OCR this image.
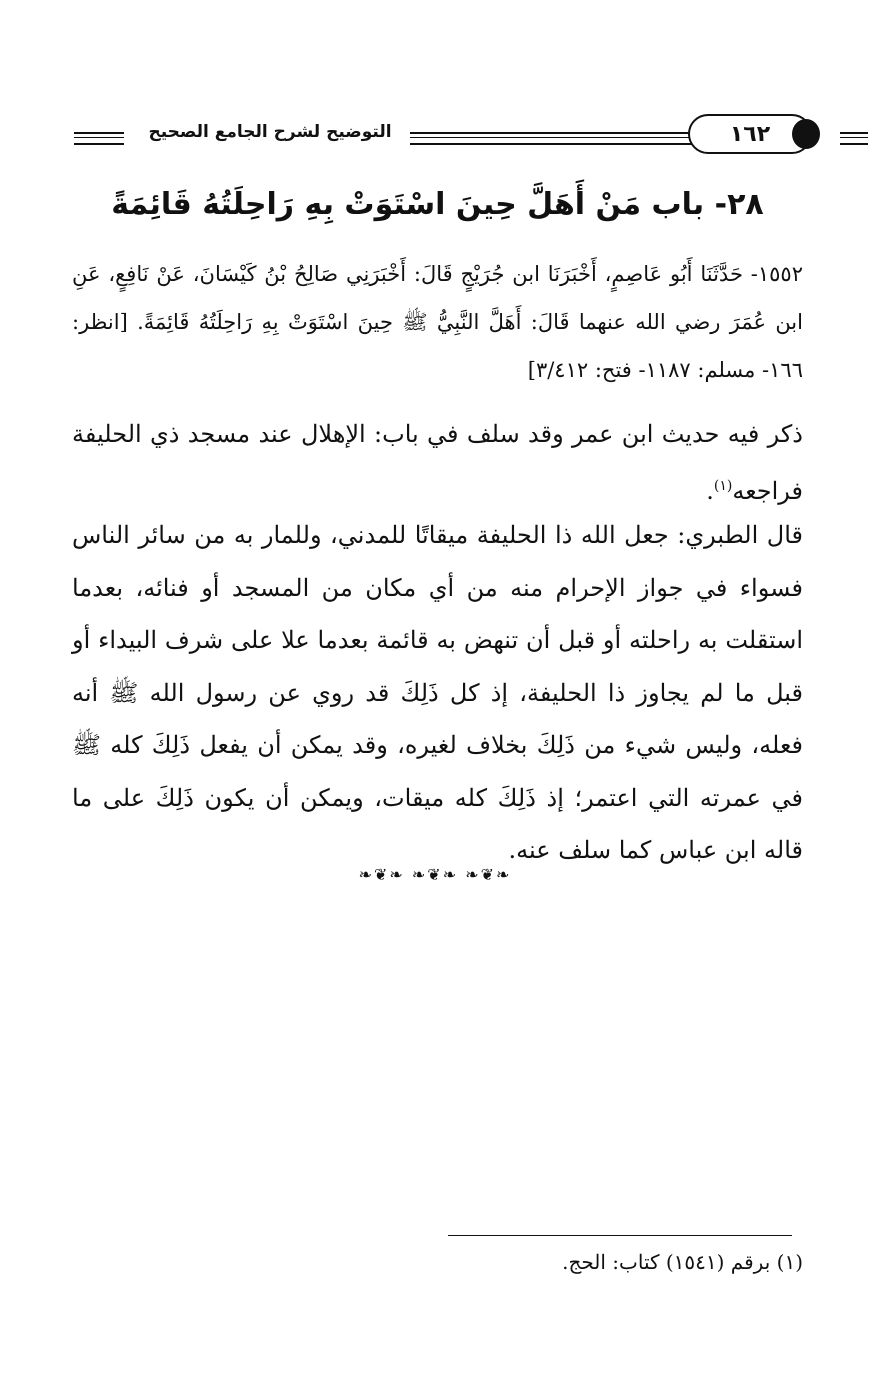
التوضيح لشرح الجامع الصحيح	١٦٢
٢٨- باب مَنْ أَهَلَّ حِينَ اسْتَوَتْ بِهِ رَاحِلَتُهُ قَائِمَةً
١٥٥٢- حَدَّثَنَا أَبُو عَاصِمٍ، أَخْبَرَنَا ابن جُرَيْجٍ قَالَ: أَخْبَرَنِي صَالِحُ بْنُ كَيْسَانَ، عَنْ نَافِعٍ، عَنِ ابن عُمَرَ رضي الله عنهما قَالَ: أَهَلَّ النَّبِيُّ ﷺ حِينَ اسْتَوَتْ بِهِ رَاحِلَتُهُ قَائِمَةً. [انظر: ١٦٦- مسلم: ١١٨٧- فتح: ٣/٤١٢]
ذكر فيه حديث ابن عمر وقد سلف في باب: الإهلال عند مسجد ذي الحليفة فراجعه$^{(١)}$.
قال الطبري: جعل الله ذا الحليفة ميقاتًا للمدني، وللمار به من سائر الناس فسواء في جواز الإحرام منه من أي مكان من المسجد أو فنائه، بعدما استقلت به راحلته أو قبل أن تنهض به قائمة بعدما علا على شرف البيداء أو قبل ما لم يجاوز ذا الحليفة، إذ كل ذَلِكَ قد روي عن رسول الله ﷺ أنه فعله، وليس شيء من ذَلِكَ بخلاف لغيره، وقد يمكن أن يفعل ذَلِكَ كله ﷺ في عمرته التي اعتمر؛ إذ ذَلِكَ كله ميقات، ويمكن أن يكون ذَلِكَ على ما قاله ابن عباس كما سلف عنه.
❧❦❧ ❧❦❧ ❧❦❧
(١) برقم (١٥٤١) كتاب: الحج.
